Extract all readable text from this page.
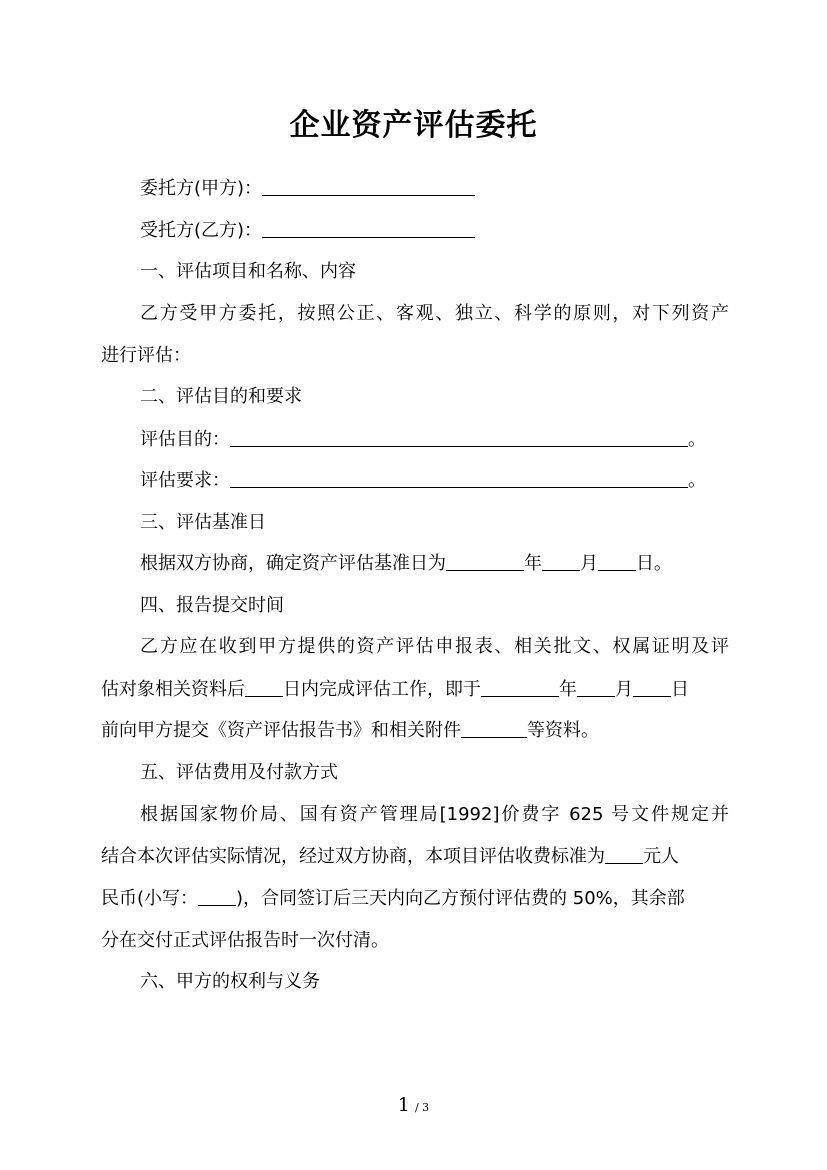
企业资产评估委托
委托方(甲方)：
受托方(乙方)：
一、评估项目和名称、内容
乙方受甲方委托，按照公正、客观、独立、科学的原则，对下列资产
进行评估：
二、评估目的和要求
评估目的：	。
评估要求：	。
三、评估基准日
根据双方协商，确定资产评估基准日为	年 月 日。
四、报告提交时间
乙方应在收到甲方提供的资产评估申报表、相关批文、权属证明及评
估对象相关资料后 日内完成评估工作，即于	年 月 日
前向甲方提交《资产评估报告书》和相关附件	等资料。
五、评估费用及付款方式
根据国家物价局、国有资产管理局[1992]价费字 625 号文件规定并
结合本次评估实际情况，经过双方协商，本项目评估收费标准为 元人
民币(小写： )，合同签订后三天内向乙方预付评估费的 50%，其余部
分在交付正式评估报告时一次付清。
六、甲方的权利与义务
1 / 3
